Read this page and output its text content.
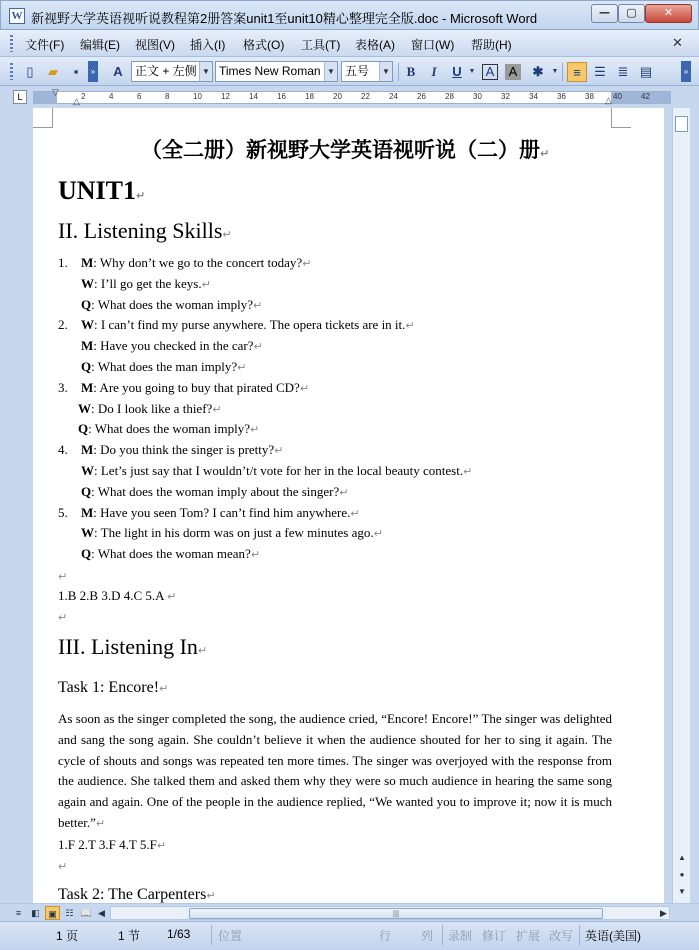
W 新视野大学英语视听说教程第2册答案unit1至unit10精心整理完全版.doc - Microsoft Word	—	▢	✕
文件(F) 编辑(E) 视图(V) 插入(I) 格式(O) 工具(T) 表格(A) 窗口(W) 帮助(H)	✕
▯	▰	▪	»	A	正文 + 左侧 ▼ Times New Roman ▼ 五号	▼	B	I	U ▼ A A	✱	▼	≡	☰ ≣ ▤	»
L	2	4	6	8	10 12 14 16 18 20 22 24 26 28 30 32 34 36 38 40 42
▽
△	△
（全二册）新视野大学英语视听说（二）册↵
UNIT1↵
II. Listening Skills↵
1. M: Why don’t we go to the concert today?↵
W: I’ll go get the keys.↵
Q: What does the woman imply?↵
2. W: I can’t find my purse anywhere. The opera tickets are in it.↵
M: Have you checked in the car?↵
Q: What does the man imply?↵
3. M: Are you going to buy that pirated CD?↵
W: Do I look like a thief?↵
Q: What does the woman imply?↵
4. M: Do you think the singer is pretty?↵
W: Let’s just say that I wouldn’t/t vote for her in the local beauty contest.↵
Q: What does the woman imply about the singer?↵
5. M: Have you seen Tom? I can’t find him anywhere.↵
W: The light in his dorm was on just a few minutes ago.↵
Q: What does the woman mean?↵
↵
1.B 2.B 3.D 4.C 5.A ↵
↵
III. Listening In↵
Task 1: Encore!↵
As soon as the singer completed the song, the audience cried, “Encore! Encore!” The singer was delighted and sang the song again. She couldn’t believe it when the audience shouted for her to sing it again. The cycle of shouts and songs was repeated ten more times. The singer was overjoyed with the response from the audience. She talked them and asked them why they were so much audience in hearing the same song again and again. One of the people in the audience replied, “We wanted you to improve it; now it is much better.”↵
1.F 2.T 3.F 4.T 5.F↵
↵
Task 2: The Carpenters↵
▲
●
▼
≡	◧ ▣ ☷ 📖 ◀	|||	▶
1 页	1 节 1/63 位置	行 列 录制 修订 扩展 改写 英语(美国)
